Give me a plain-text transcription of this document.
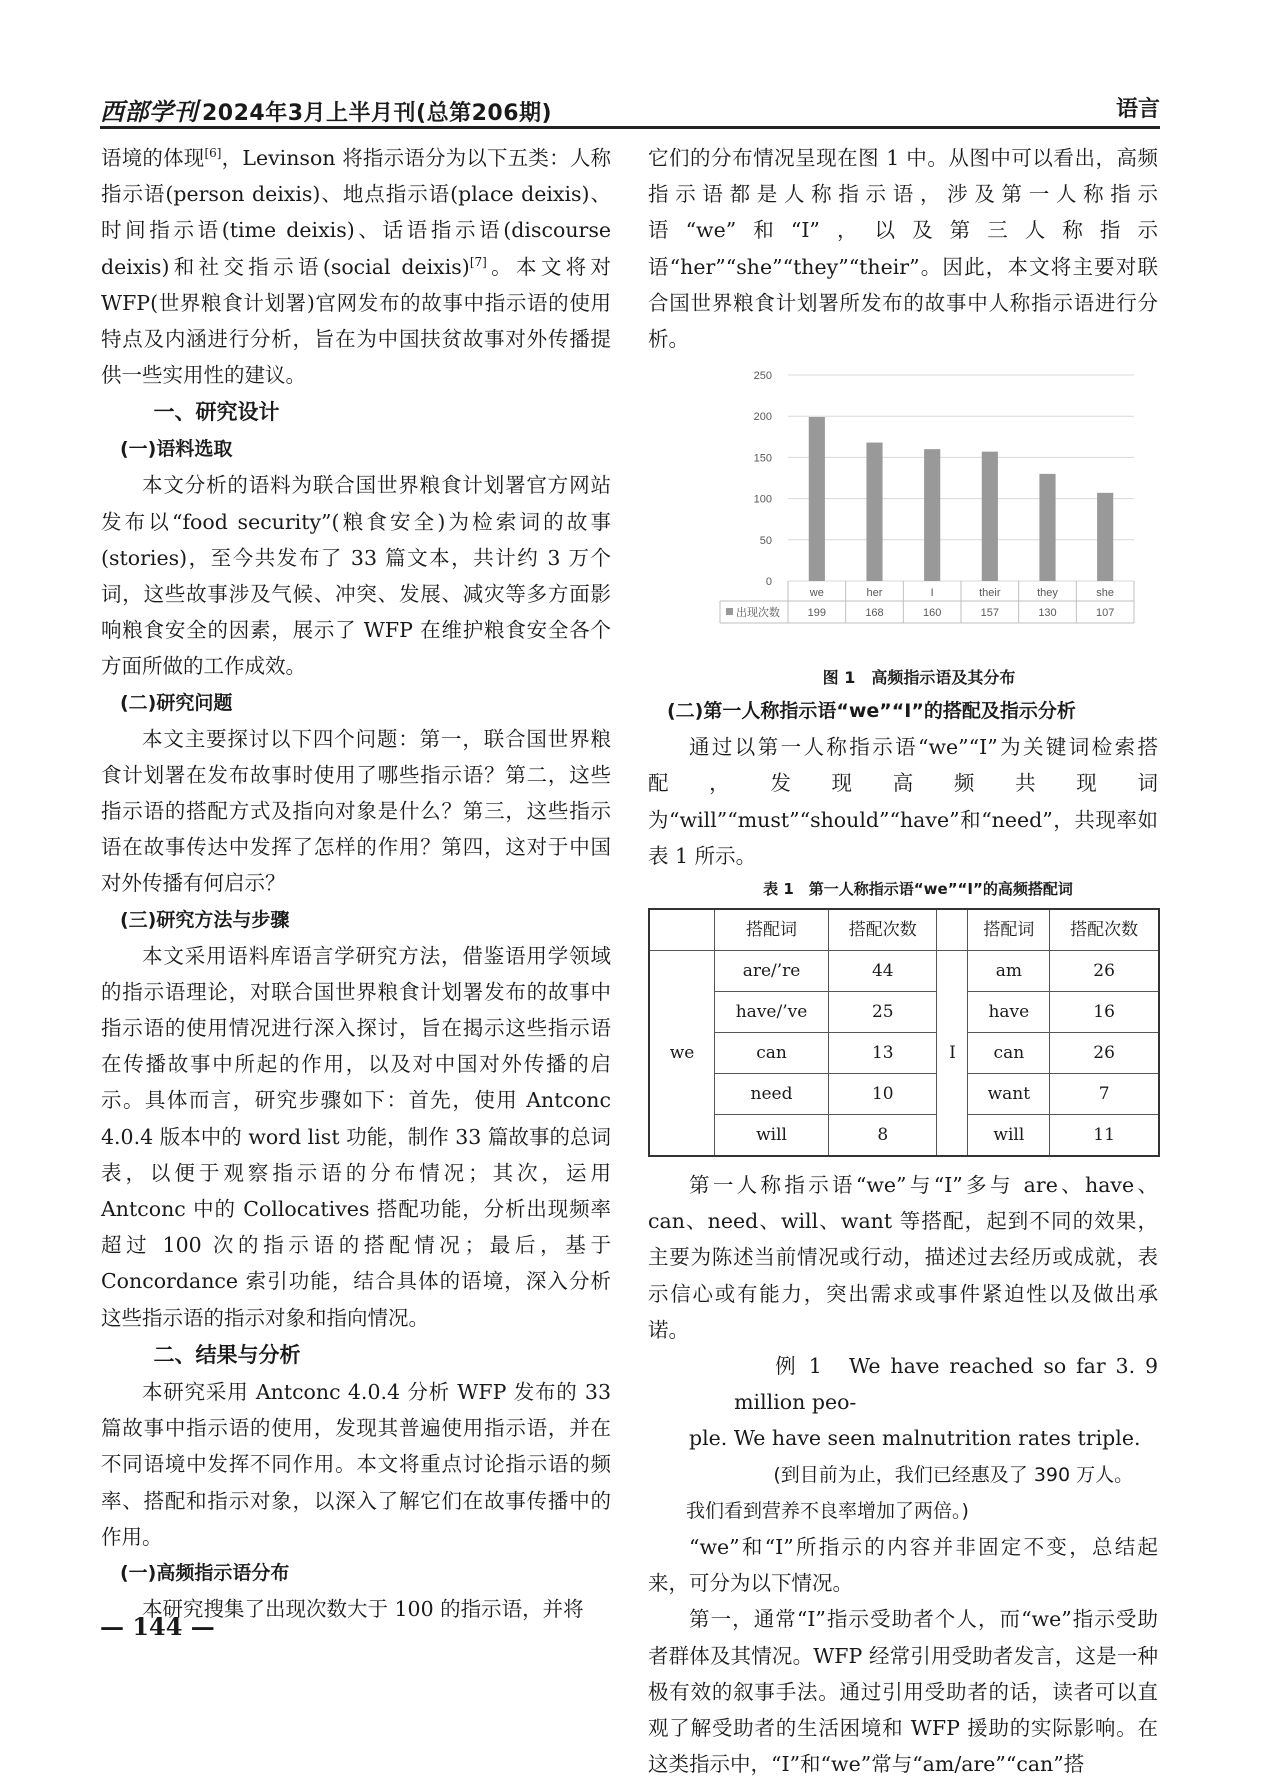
西部学刊 2024年3月上半月刊(总第206期)	语言

语境的体现[6]，Levinson 将指示语分为以下五类：人称指示语(person deixis)、地点指示语(place deixis)、时间指示语(time deixis)、话语指示语(discourse deixis)和社交指示语(social deixis)[7]。本文将对 WFP(世界粮食计划署)官网发布的故事中指示语的使用特点及内涵进行分析，旨在为中国扶贫故事对外传播提供一些实用性的建议。

一、研究设计
(一)语料选取

本文分析的语料为联合国世界粮食计划署官方网站发布以“food security”(粮食安全)为检索词的故事(stories)，至今共发布了 33 篇文本，共计约 3 万个词，这些故事涉及气候、冲突、发展、减灾等多方面影响粮食安全的因素，展示了 WFP 在维护粮食安全各个方面所做的工作成效。

(二)研究问题

本文主要探讨以下四个问题：第一，联合国世界粮食计划署在发布故事时使用了哪些指示语？第二，这些指示语的搭配方式及指向对象是什么？第三，这些指示语在故事传达中发挥了怎样的作用？第四，这对于中国对外传播有何启示？

(三)研究方法与步骤

本文采用语料库语言学研究方法，借鉴语用学领域的指示语理论，对联合国世界粮食计划署发布的故事中指示语的使用情况进行深入探讨，旨在揭示这些指示语在传播故事中所起的作用，以及对中国对外传播的启示。具体而言，研究步骤如下：首先，使用 Antconc 4.0.4 版本中的 word list 功能，制作 33 篇故事的总词表，以便于观察指示语的分布情况；其次，运用 Antconc 中的 Collocatives 搭配功能，分析出现频率超过 100 次的指示语的搭配情况；最后，基于 Concordance 索引功能，结合具体的语境，深入分析这些指示语的指示对象和指向情况。

二、结果与分析

本研究采用 Antconc 4.0.4 分析 WFP 发布的 33 篇故事中指示语的使用，发现其普遍使用指示语，并在不同语境中发挥不同作用。本文将重点讨论指示语的频率、搭配和指示对象，以深入了解它们在故事传播中的作用。

(一)高频指示语分布

本研究搜集了出现次数大于 100 的指示语，并将

它们的分布情况呈现在图 1 中。从图中可以看出，高频指示语都是人称指示语，涉及第一人称指示语“we”和“I”，以及第三人称指示语“her”“she”“they”“their”。因此，本文将主要对联合国世界粮食计划署所发布的故事中人称指示语进行分析。

0
50
100
150
200
250
出现次数
we
199
her
168
I
160
their
157
they
130
she
107

图 1　高频指示语及其分布

(二)第一人称指示语“we”“I”的搭配及指示分析

通过以第一人称指示语“we”“I”为关键词检索搭配，发现高频共现词为“will”“must”“should”“have”和“need”，共现率如表 1 所示。

表 1　第一人称指示语“we”“I”的高频搭配词

	搭配词	搭配次数		搭配词	搭配次数
we	are/’re	44	I	am	26
	have/’ve	25		have	16
	can	13		can	26
	need	10		want	7
	will	8		will	11

第一人称指示语“we”与“I”多与 are、have、can、need、will、want 等搭配，起到不同的效果，主要为陈述当前情况或行动，描述过去经历或成就，表示信心或有能力，突出需求或事件紧迫性以及做出承诺。

例 1　 We have reached so far 3. 9 million peo-

ple. We have seen malnutrition rates triple.

(到目前为止，我们已经惠及了 390 万人。

我们看到营养不良率增加了两倍。)

“we”和“I”所指示的内容并非固定不变，总结起来，可分为以下情况。

第一，通常“I”指示受助者个人，而“we”指示受助者群体及其情况。WFP 经常引用受助者发言，这是一种极有效的叙事手法。通过引用受助者的话，读者可以直观了解受助者的生活困境和 WFP 援助的实际影响。在这类指示中，“I”和“we”常与“am/are”“can”搭

— 144 —
